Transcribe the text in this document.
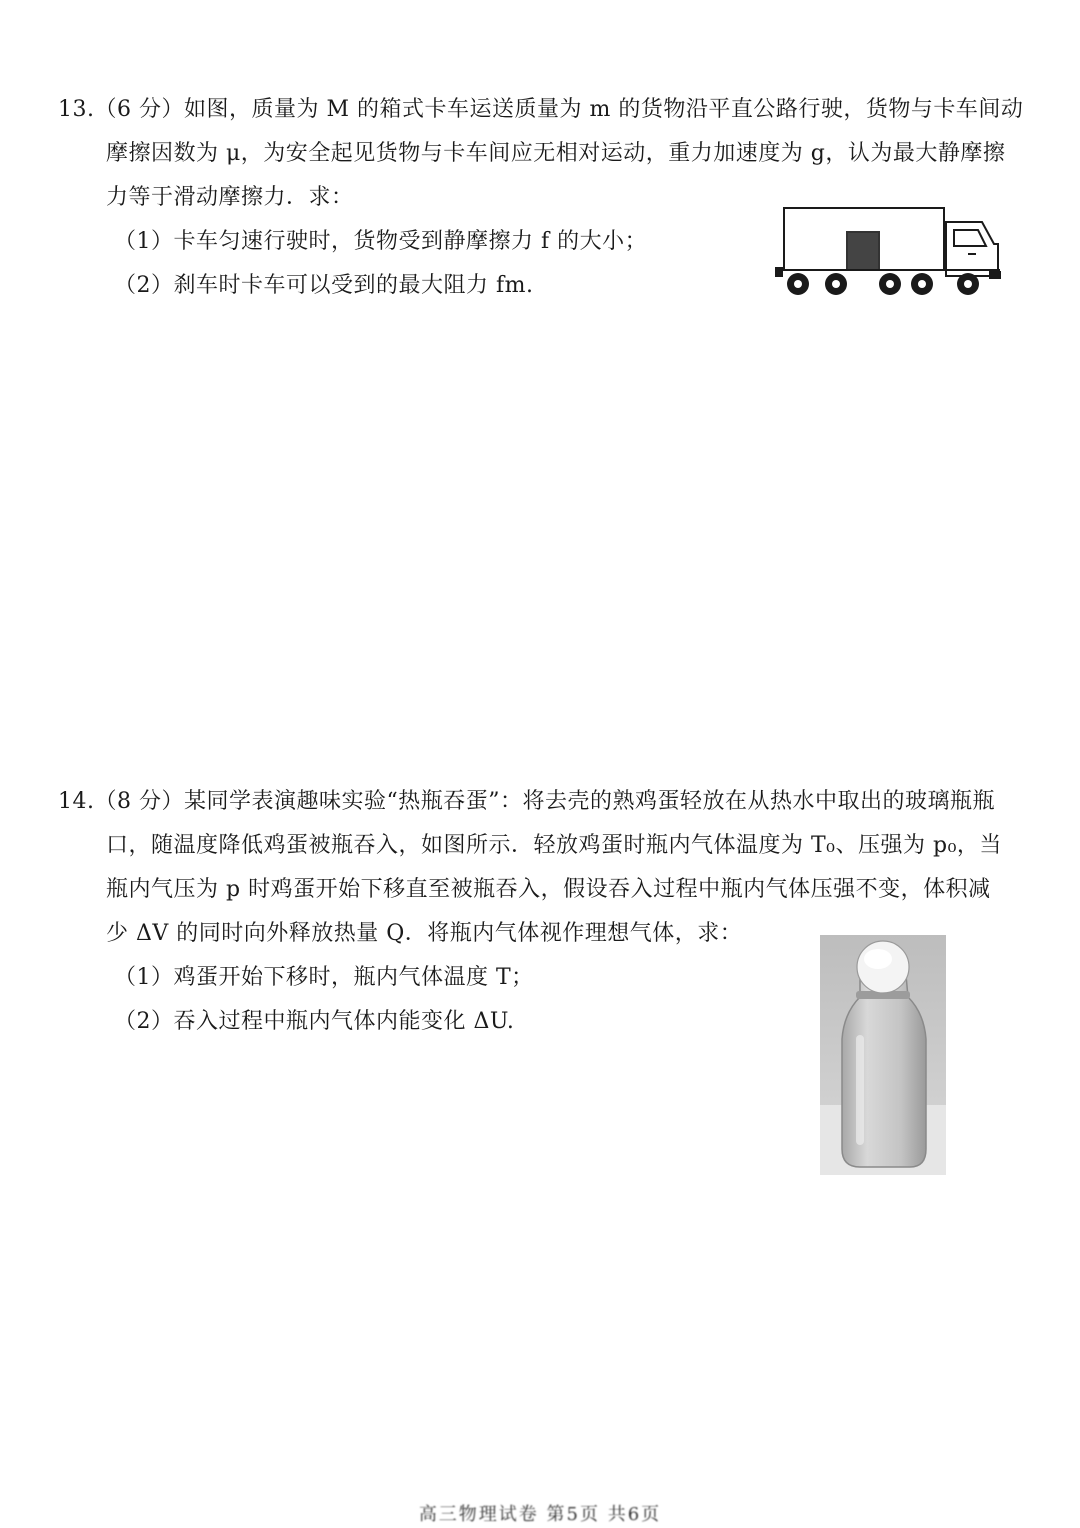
13.（6 分）如图，质量为 M 的箱式卡车运送质量为 m 的货物沿平直公路行驶，货物与卡车间动
摩擦因数为 μ，为安全起见货物与卡车间应无相对运动，重力加速度为 g，认为最大静摩擦
力等于滑动摩擦力．求：
（1）卡车匀速行驶时，货物受到静摩擦力 f 的大小；
（2）刹车时卡车可以受到的最大阻力 fm.
14.（8 分）某同学表演趣味实验“热瓶吞蛋”：将去壳的熟鸡蛋轻放在从热水中取出的玻璃瓶瓶
口，随温度降低鸡蛋被瓶吞入，如图所示．轻放鸡蛋时瓶内气体温度为 T₀、压强为 p₀，当
瓶内气压为 p 时鸡蛋开始下移直至被瓶吞入，假设吞入过程中瓶内气体压强不变，体积减
少 ΔV 的同时向外释放热量 Q．将瓶内气体视作理想气体，求：
（1）鸡蛋开始下移时，瓶内气体温度 T；
（2）吞入过程中瓶内气体内能变化 ΔU.
高三物理试卷 第5页 共6页
